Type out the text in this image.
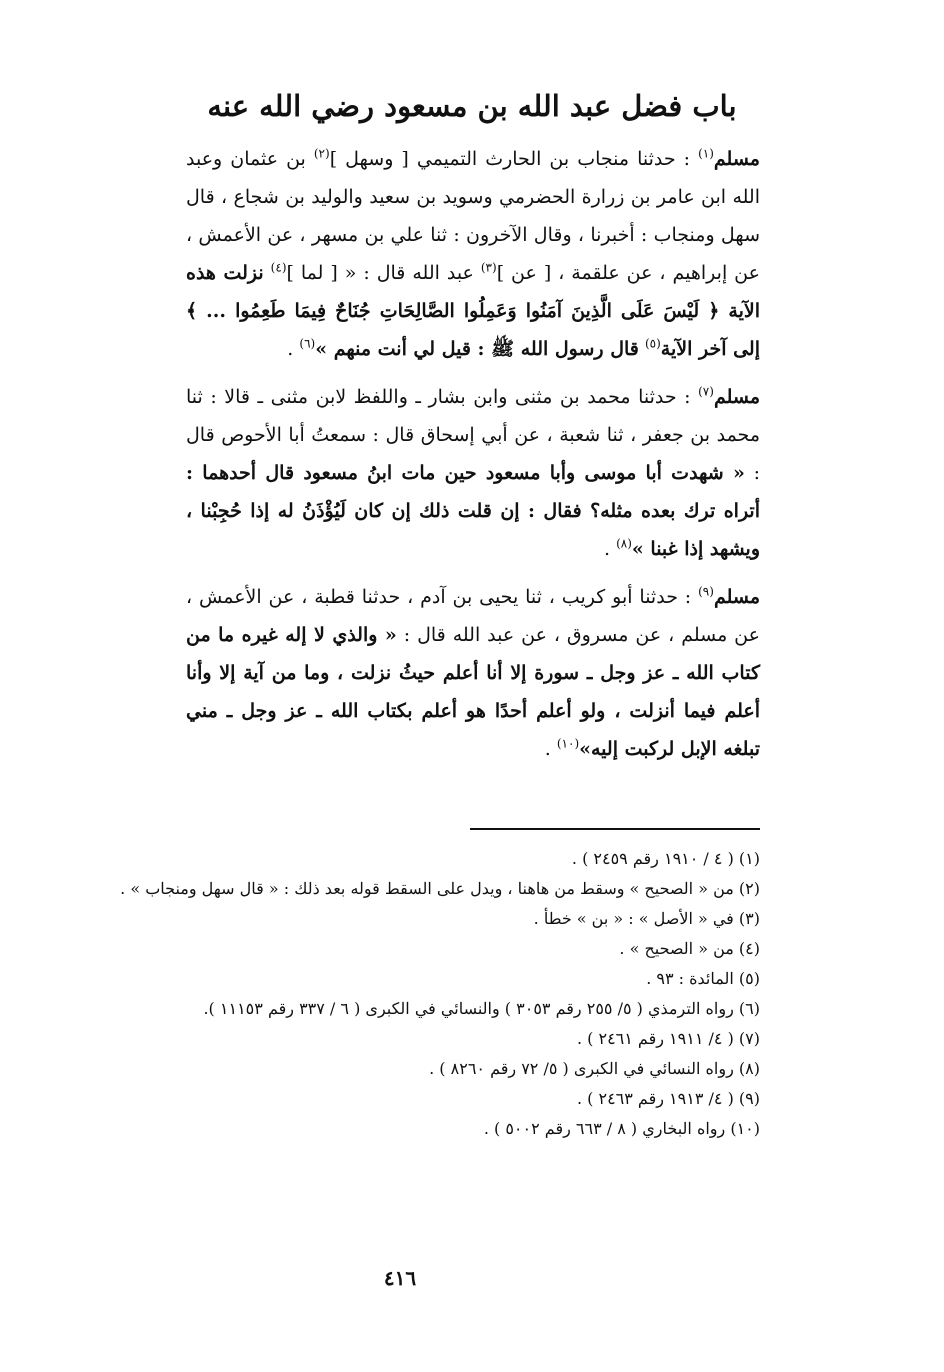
باب فضل عبد الله بن مسعود رضي الله عنه

مسلم$^{(١)}$ : حدثنا منجاب بن الحارث التميمي [ وسهل ]$^{(٢)}$ بن عثمان وعبد الله ابن عامر بن زرارة الحضرمي وسويد بن سعيد والوليد بن شجاع ، قال سهل ومنجاب : أخبرنا ، وقال الآخرون : ثنا علي بن مسهر ، عن الأعمش ، عن إبراهيم ، عن علقمة ، [ عن ]$^{(٣)}$ عبد الله قال : « [ لما ]$^{(٤)}$ نزلت هذه الآية ﴿ لَيْسَ عَلَى الَّذِينَ آمَنُوا وَعَمِلُوا الصَّالِحَاتِ جُنَاحٌ فِيمَا طَعِمُوا ... ﴾ إلى آخر الآية$^{(٥)}$ قال رسول الله ﷺ : قيل لي أنت منهم »$^{(٦)}$ .

مسلم$^{(٧)}$ : حدثنا محمد بن مثنى وابن بشار ـ واللفظ لابن مثنى ـ قالا : ثنا محمد بن جعفر ، ثنا شعبة ، عن أبي إسحاق قال : سمعتُ أبا الأحوص قال : « شهدت أبا موسى وأبا مسعود حين مات ابنُ مسعود قال أحدهما : أتراه ترك بعده مثله؟ فقال : إن قلت ذلك إن كان لَيُؤْذَنُ له إذا حُجِبْنا ، ويشهد إذا غبنا »$^{(٨)}$ .

مسلم$^{(٩)}$ : حدثنا أبو كريب ، ثنا يحيى بن آدم ، حدثنا قطبة ، عن الأعمش ، عن مسلم ، عن مسروق ، عن عبد الله قال : « والذي لا إله غيره ما من كتاب الله ـ عز وجل ـ سورة إلا أنا أعلم حيثُ نزلت ، وما من آية إلا وأنا أعلم فيما أنزلت ، ولو أعلم أحدًا هو أعلم بكتاب الله ـ عز وجل ـ مني تبلغه الإبل لركبت إليه»$^{(١٠)}$ .

(١) ( ٤ / ١٩١٠ رقم ٢٤٥٩ ) .

(٢) من « الصحيح » وسقط من هاهنا ، ويدل على السقط قوله بعد ذلك : « قال سهل ومنجاب » .

(٣) في « الأصل » : « بن » خطأ .

(٤) من « الصحيح » .

(٥) المائدة : ٩٣ .

(٦) رواه الترمذي ( ٥/ ٢٥٥ رقم ٣٠٥٣ ) والنسائي في الكبرى ( ٦ / ٣٣٧ رقم ١١١٥٣ ).

(٧) ( ٤/ ١٩١١ رقم ٢٤٦١ ) .

(٨) رواه النسائي في الكبرى ( ٥/ ٧٢ رقم ٨٢٦٠ ) .

(٩) ( ٤/ ١٩١٣ رقم ٢٤٦٣ ) .

(١٠) رواه البخاري ( ٨ / ٦٦٣ رقم ٥٠٠٢ ) .

٤١٦
